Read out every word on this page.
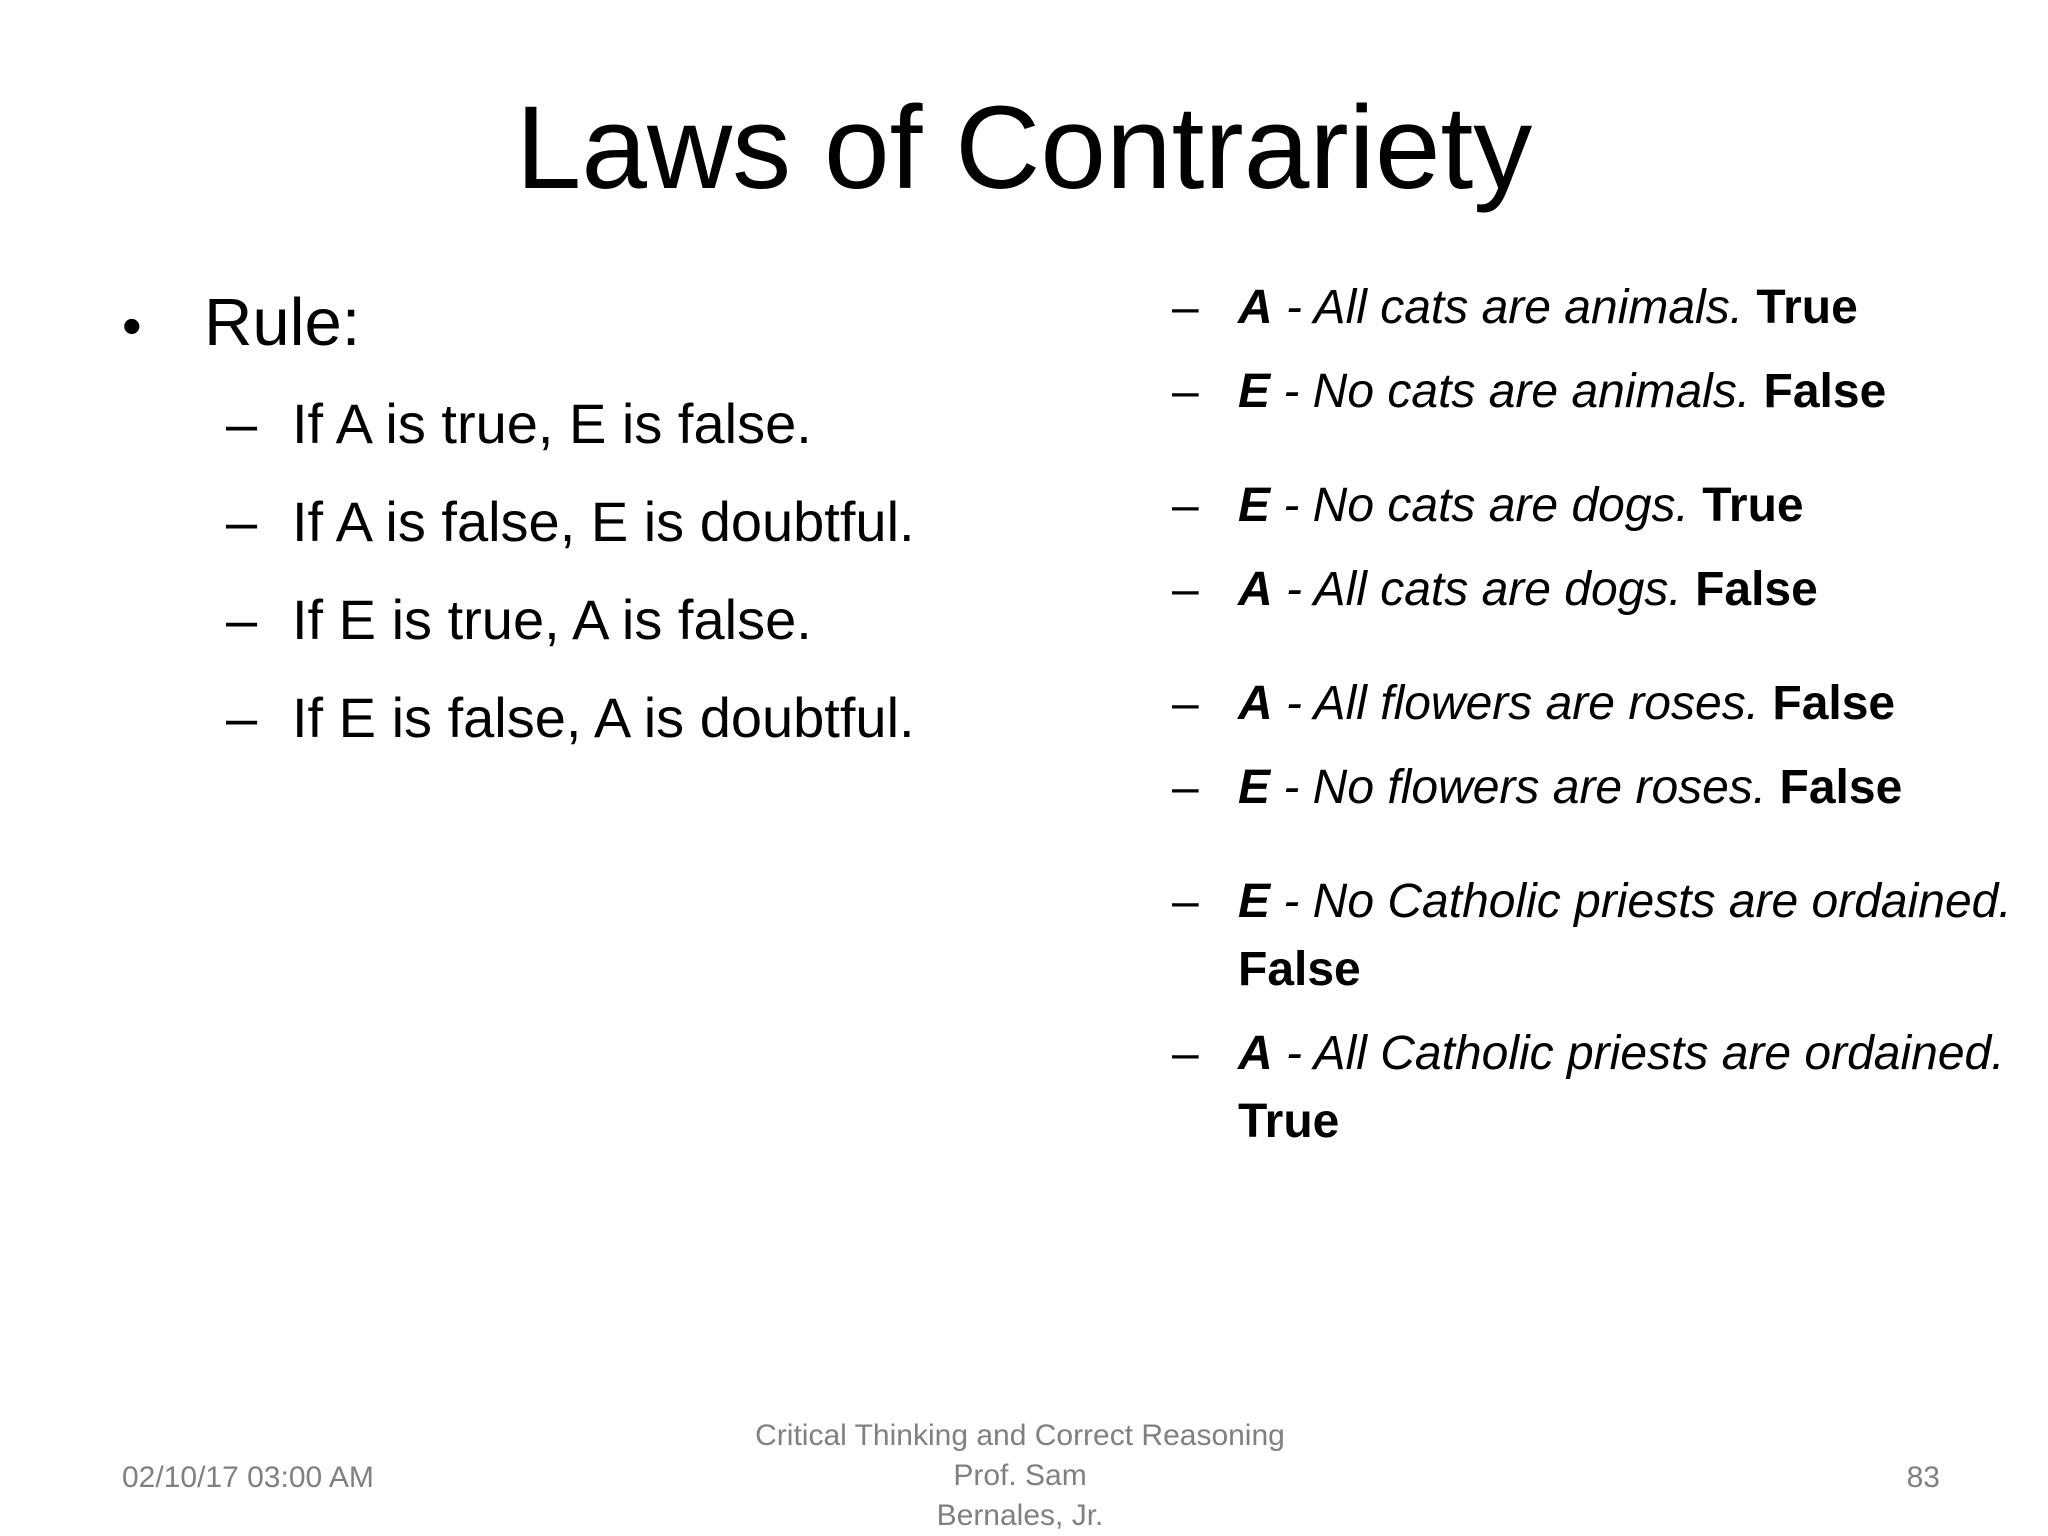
Laws of Contrariety
• Rule:
– If A is true, E is false.
– If A is false, E is doubtful.
– If E is true, A is false.
– If E is false, A is doubtful.
– A - All cats are animals. True
– E - No cats are animals. False
– E - No cats are dogs. True
– A - All cats are dogs. False
– A - All flowers are roses. False
– E - No flowers are roses. False
– E - No Catholic priests are ordained. False
– A - All Catholic priests are ordained. True
02/10/17 03:00 AM
Critical Thinking and Correct Reasoning
Prof. Sam
Bernales, Jr.
83
